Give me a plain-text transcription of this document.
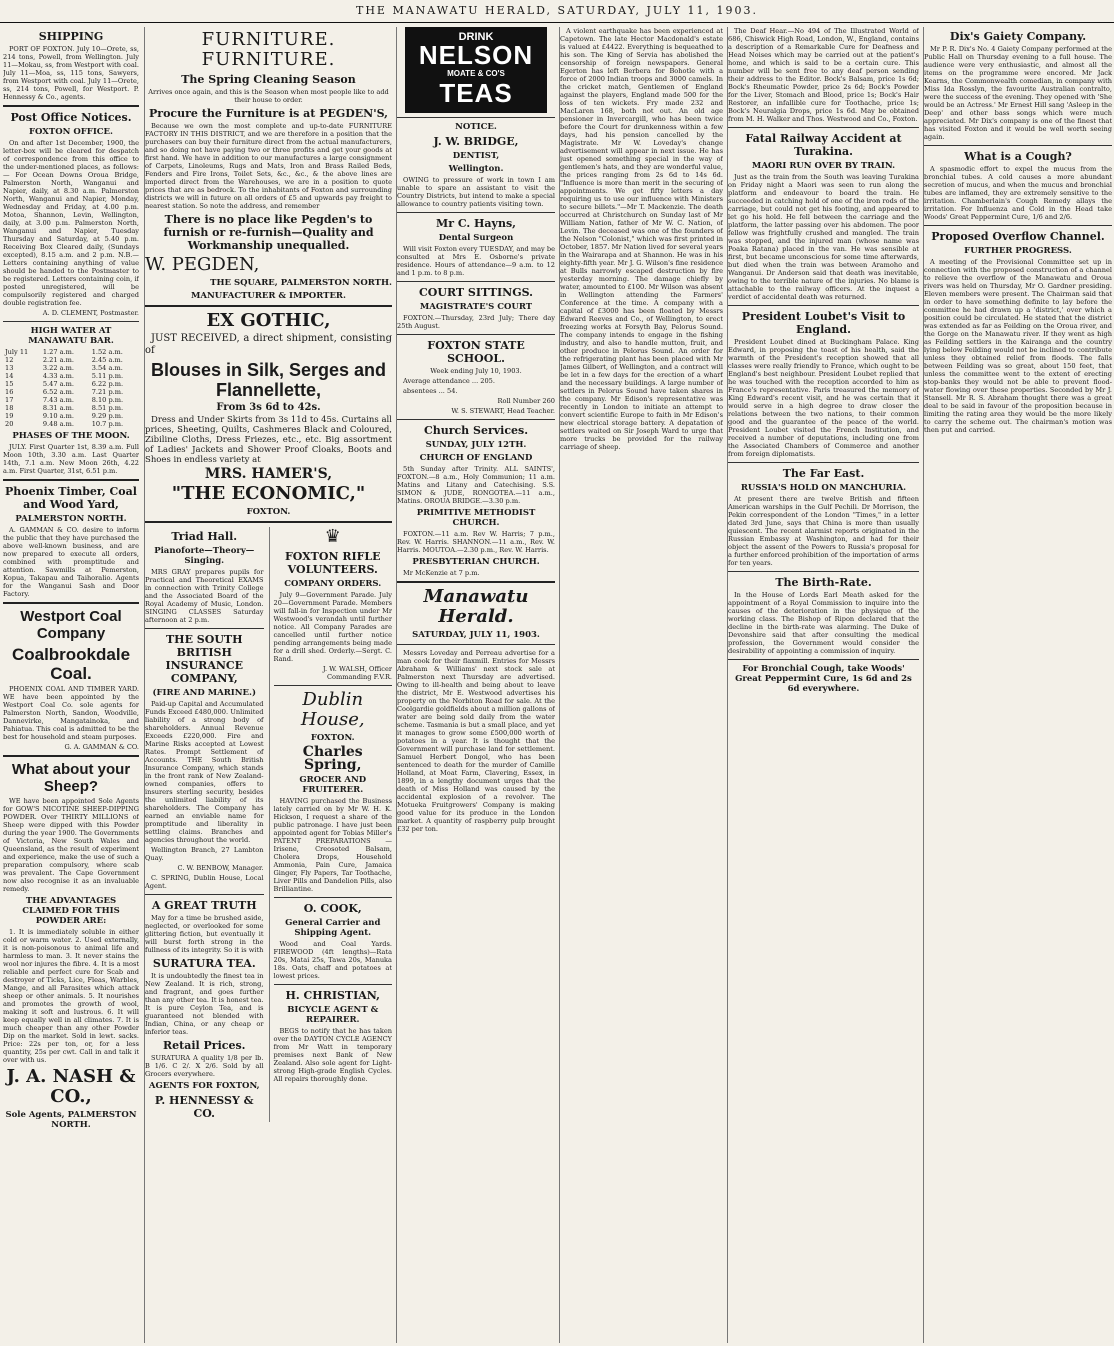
THE MANAWATU HERALD, SATURDAY, JULY 11, 1903.
SHIPPING

PORT OF FOXTON. July 10—Orete, ss, 214 tons, Powell, from Wellington. July 11—Mokau, ss, from Westport with coal. July 11—Moa, ss, 115 tons, Sawyers, from Westport with coal. July 11—Orete, ss, 214 tons, Powell, for Westport. P. Hennessy & Co., agents.

Post Office Notices.
FOXTON OFFICE.

On and after 1st December, 1900, the letter-box will be cleared for despatch of correspondence from this office to the under-mentioned places, as follows:— For Ocean Downs Oroua Bridge, Palmerston North, Wanganui and Napier, daily, at 8.30 a.m. Palmerston North, Wanganui and Napier, Monday, Wednesday and Friday, at 4.00 p.m. Motoa, Shannon, Levin, Wellington, daily, at 3.00 p.m. Palmerston North, Wanganui and Napier, Tuesday Thursday and Saturday, at 5.40 p.m. Receiving Box Cleared daily, (Sundays excepted), 8.15 a.m. and 2 p.m. N.B.—Letters containing anything of value should be handed to the Postmaster to be registered. Letters containing coin, if posted unregistered, will be compulsorily registered and charged double registration fee.

A. D. CLEMENT, Postmaster.

HIGH WATER AT MANAWATU BAR.
July 11	1.27 a.m.	1.52 a.m.
12	2.21 a.m.	2.45 a.m.
13	3.22 a.m.	3.54 a.m.
14	4.33 a.m.	5.11 p.m.
15	5.47 a.m.	6.22 p.m.
16	6.52 a.m.	7.21 p.m.
17	7.43 a.m.	8.10 p.m.
18	8.31 a.m.	8.51 p.m.
19	9.10 a.m.	9.29 p.m.
20	9.48 a.m.	10.7 p.m.
PHASES OF THE MOON.

JULY. First Quarter 1st, 8.39 a.m. Full Moon 10th, 3.30 a.m. Last Quarter 14th, 7.1 a.m. New Moon 26th, 4.22 a.m. First Quarter, 31st, 6.51 p.m.

Phoenix Timber, Coal and Wood Yard,
PALMERSTON NORTH.

A. GAMMAN & CO. desire to inform the public that they have purchased the above well-known business, and are now prepared to execute all orders, combined with promptitude and attention. Sawmills at Pemerston, Kopua, Takapau and Taihoralio. Agents for the Wanganui Sash and Door Factory.

Westport Coal Company
Coalbrookdale Coal.

PHOENIX COAL AND TIMBER YARD. WE have been appointed by the Westport Coal Co. sole agents for Palmerston North, Sandon, Woodville, Dannevirke, Mangatainoka, and Pahiatua. This coal is admitted to be the best for household and steam purposes.

G. A. GAMMAN & CO.

What about your Sheep?

WE have been appointed Sole Agents for GOW'S NICOTINE SHEEP-DIPPING POWDER. Over THIRTY MILLIONS of Sheep were dipped with this Powder during the year 1900. The Governments of Victoria, New South Wales and Queensland, as the result of experiment and experience, make the use of such a preparation compulsory, where scab was prevalent. The Cape Government now also recognise it as an invaluable remedy.

THE ADVANTAGES CLAIMED FOR THIS POWDER ARE:

1. It is immediately soluble in either cold or warm water. 2. Used externally, it is non-poisonous to animal life and harmless to man. 3. It never stains the wool nor injures the fibre. 4. It is a most reliable and perfect cure for Scab and destroyer of Ticks, Lice, Fleas, Warbles, Mange, and all Parasites which attack sheep or other animals. 5. It nourishes and promotes the growth of wool, making it soft and lustrous. 6. It will keep equally well in all climates. 7. It is much cheaper than any other Powder Dip on the market. Sold in lewt. sacks. Price: 22s per ton, or, for a less quantity, 25s per cwt. Call in and talk it over with us.

J. A. NASH & CO.,
Sole Agents, PALMERSTON NORTH.
FURNITURE. FURNITURE.
The Spring Cleaning Season

Arrives once again, and this is the Season when most people like to add their house to order.

Procure the Furniture is at PEGDEN'S,

Because we own the most complete and up-to-date FURNITURE FACTORY IN THIS DISTRICT, and we are therefore in a position that the purchasers can buy their furniture direct from the actual manufacturers, and so doing not have paying two or three profits and get your goods at first hand. We have in addition to our manufactures a large consignment of Carpets, Linoleums, Rugs and Mats, Iron and Brass Railed Beds, Fenders and Fire Irons, Toilet Sets, &c., &c., & the above lines are imported direct from the Warehouses, we are in a position to quote prices that are as bedrock. To the inhabitants of Foxton and surrounding districts we will in future on all orders of £5 and upwards pay freight to nearest station. So note the address, and remember

There is no place like Pegden's to furnish or re-furnish—Quality and Workmanship unequalled.
W. PEGDEN,
THE SQUARE, PALMERSTON NORTH.
MANUFACTURER & IMPORTER.
EX GOTHIC,

JUST RECEIVED, a direct shipment, consisting of

Blouses in Silk, Serges and Flannellette,
From 3s 6d to 42s.

Dress and Under Skirts from 3s 11d to 45s. Curtains all prices, Sheeting, Quilts, Cashmeres Black and Coloured, Zibiline Cloths, Dress Friezes, etc., etc. Big assortment of Ladies' Jackets and Shower Proof Cloaks, Boots and Shoes in endless variety at

MRS. HAMER'S,
"THE ECONOMIC,"
FOXTON.
Triad Hall.
Pianoforte—Theory—Singing.

MRS GRAY prepares pupils for Practical and Theoretical EXAMS in connection with Trinity College and the Associated Board of the Royal Academy of Music, London. SINGING CLASSES Saturday afternoon at 2 p.m.

THE SOUTH BRITISH INSURANCE COMPANY,
(FIRE AND MARINE.)

Paid-up Capital and Accumulated Funds Exceed £480,000. Unlimited liability of a strong body of shareholders. Annual Revenue Exceeds £220,000. Fire and Marine Risks accepted at Lowest Rates. Prompt Settlement of Accounts. THE South British Insurance Company, which stands in the front rank of New Zealand-owned companies, offers to insurers sterling security, besides the unlimited liability of its shareholders. The Company has earned an enviable name for promptitude and liberality in settling claims. Branches and agencies throughout the world.

Wellington Branch, 27 Lambton Quay.

C. W. BENBOW, Manager.

C. SPRING, Dublin House, Local Agent.

A GREAT TRUTH

May for a time be brushed aside, neglected, or overlooked for some glittering fiction, but eventually it will burst forth strong in the fullness of its integrity. So it is with

SURATURA TEA.

It is undoubtedly the finest tea in New Zealand. It is rich, strong, and fragrant, and goes further than any other tea. It is honest tea. It is pure Ceylon Tea, and is guaranteed not blended with Indian, China, or any cheap or inferior teas.

Retail Prices.

SURATURA A quality 1/8 per lb. B 1/6. C 2/. X 2/6. Sold by all Grocers everywhere.

AGENTS FOR FOXTON,
P. HENNESSY & CO.
♛
FOXTON RIFLE VOLUNTEERS.
COMPANY ORDERS.

July 9—Government Parade. July 20—Government Parade. Members will fall-in for Inspection under Mr Westwood's verandah until further notice. All Company Parades are cancelled until further notice pending arrangements being made for a drill shed. Orderly.—Sergt. C. Rand.

J. W. WALSH, Officer Commanding F.V.R.

Dublin House,
FOXTON.
Charles Spring,
GROCER AND FRUITERER.

HAVING purchased the Business lately carried on by Mr W. H. K. Hickson, I request a share of the public patronage. I have just been appointed agent for Tobias Miller's PATENT PREPARATIONS — Irisene, Creosoted Balsam, Cholera Drops, Household Ammonia, Pain Cure, Jamaica Ginger, Fly Papers, Tar Toothache, Liver Pills and Dandelion Pills, also Brilliantine.

O. COOK,
General Carrier and Shipping Agent.

Wood and Coal Yards. FIREWOOD (4ft lengths)—Rata 20s, Matai 25s, Tawa 20s, Manuka 18s. Oats, chaff and potatoes at lowest prices.

H. CHRISTIAN,
BICYCLE AGENT & REPAIRER.

BEGS to notify that he has taken over the DAYTON CYCLE AGENCY from Mr Watt in temporary premises next Bank of New Zealand. Also sole agent for Light-strong High-grade English Cycles. All repairs thoroughly done.

DRINK
NELSON
MOATE & CO'S
TEAS
NOTICE.
J. W. BRIDGE,
DENTIST,
Wellington.

OWING to pressure of work in town I am unable to spare an assistant to visit the Country Districts, but intend to make a special allowance to country patients visiting town.

Mr C. Hayns,
Dental Surgeon

Will visit Foxton every TUESDAY, and may be consulted at Mrs E. Osborne's private residence. Hours of attendance—9 a.m. to 12 and 1 p.m. to 8 p.m.

COURT SITTINGS.
MAGISTRATE'S COURT

FOXTON.—Thursday, 23rd July; There day 25th August.

FOXTON STATE SCHOOL.

Week ending July 10, 1903.

Average attendance ... 205.

absentees ... 54.

Roll Number 260

W. S. STEWART, Head Teacher.

Church Services.
SUNDAY, JULY 12TH.
CHURCH OF ENGLAND

5th Sunday after Trinity. ALL SAINTS', FOXTON.—8 a.m., Holy Communion; 11 a.m. Matins and Litany and Catechising. S.S. SIMON & JUDE, RONGOTEA.—11 a.m., Matins. OROUA BRIDGE.—3.30 p.m.

PRIMITIVE METHODIST CHURCH.

FOXTON.—11 a.m. Rev W. Harris; 7 p.m., Rev. W. Harris. SHANNON.—11 a.m., Rev. W. Harris. MOUTOA.—2.30 p.m., Rev. W. Harris.

PRESBYTERIAN CHURCH.

Mr McKenzie at 7 p.m.

Manawatu Herald.
SATURDAY, JULY 11, 1903.

Messrs Loveday and Perreau advertise for a man cook for their flaxmill. Entries for Messrs Abraham & Williams' next stock sale at Palmerston next Thursday are advertised. Owing to ill-health and being about to leave the district, Mr E. Westwood advertises his property on the Norbiton Road for sale. At the Coolgardie goldfields about a million gallons of water are being sold daily from the water scheme. Tasmania is but a small place, and yet it manages to grow some £500,000 worth of potatoes in a year. It is thought that the Government will purchase land for settlement. Samuel Herbert Dongol, who has been sentenced to death for the murder of Camille Holland, at Moat Farm, Clavering, Essex, in 1899, in a lengthy document urges that the death of Miss Holland was caused by the accidental explosion of a revolver. The Motueka Fruitgrowers' Company is making good value for its produce in the London market. A quantity of raspberry pulp brought £32 per ton.

A violent earthquake has been experienced at Capetown. The late Hector Macdonald's estate is valued at £4422. Everything is bequeathed to his son. The King of Servia has abolished the censorship of foreign newspapers. General Egerton has left Berbera for Bohotle with a force of 2000 Indian troops and 3000 camels. In the cricket match, Gentlemen of England against the players, England made 500 for the loss of ten wickets. Fry made 232 and MacLaren 168, both not out. An old age pensioner in Invercargill, who has been twice before the Court for drunkenness within a few days, had his pension cancelled by the Magistrate. Mr W. Loveday's change advertisement will appear in next issue. He has just opened something special in the way of gentlemen's hats, and they are wonderful value, the prices ranging from 2s 6d to 14s 6d. "Influence is more than merit in the securing of appointments. We get fifty letters a day requiring us to use our influence with Ministers to secure billets."—Mr T. Mackenzie. The death occurred at Christchurch on Sunday last of Mr William Nation, father of Mr W. C. Nation, of Levin. The deceased was one of the founders of the Nelson "Colonist," which was first printed in October, 1857. Mr Nation lived for several years in the Wairarapa and at Shannon. He was in his eighty-fifth year. Mr J. G. Wilson's fine residence at Bulls narrowly escaped destruction by fire yesterday morning. The damage chiefly by water, amounted to £100. Mr Wilson was absent in Wellington attending the Farmers' Conference at the time. A company with a capital of £3000 has been floated by Messrs Edward Reeves and Co., of Wellington, to erect freezing works at Forsyth Bay, Pelorus Sound. The company intends to engage in the fishing industry, and also to handle mutton, fruit, and other produce in Pelorus Sound. An order for the refrigerating plant has been placed with Mr James Gilbert, of Wellington, and a contract will be let in a few days for the erection of a wharf and the necessary buildings. A large number of settlers in Pelorus Sound have taken shares in the company. Mr Edison's representative was recently in London to initiate an attempt to convert scientific Europe to faith in Mr Edison's new electrical storage battery. A depatation of settlers waited on Sir Joseph Ward to urge that more trucks be provided for the railway carriage of sheep.

The Deaf Hear.—No 494 of The Illustrated World of 686, Chiswick High Road, London, W., England, contains a description of a Remarkable Cure for Deafness and Head Noises which may be carried out at the patient's home, and which is said to be a certain cure. This number will be sent free to any deaf person sending their address to the Editor. Bock's Balsam, price 1s 6d; Bock's Rheumatic Powder, price 2s 6d; Bock's Powder for the Liver, Stomach and Blood, price 1s; Bock's Hair Restorer, an infallible cure for Toothache, price 1s; Bock's Neuralgia Drops, price 1s 6d. May be obtained from M. H. Walker and Thos. Westwood and Co., Foxton.

Fatal Railway Accident at Turakina.
MAORI RUN OVER BY TRAIN.

Just as the train from the South was leaving Turakina on Friday night a Maori was seen to run along the platform and endeavour to board the train. He succeeded in catching hold of one of the iron rods of the carriage, but could not get his footing, and appeared to let go his hold. He fell between the carriage and the platform, the latter passing over his abdomen. The poor fellow was frightfully crushed and mangled. The train was stopped, and the injured man (whose name was Poaka Ratana) placed in the van. He was sensible at first, but became unconscious for some time afterwards, but died when the train was between Aramoho and Wanganui. Dr Anderson said that death was inevitable, owing to the terrible nature of the injuries. No blame is attachable to the railway officers. At the inquest a verdict of accidental death was returned.

President Loubet's Visit to England.

President Loubet dined at Buckingham Palace. King Edward, in proposing the toast of his health, said the warmth of the President's reception showed that all classes were really friendly to France, which ought to be England's best neighbour. President Loubet replied that he was touched with the reception accorded to him as France's representative. Paris treasured the memory of King Edward's recent visit, and he was certain that it would serve in a high degree to draw closer the relations between the two nations, to their common good and the guarantee of the peace of the world. President Loubet visited the French Institution, and received a number of deputations, including one from the Associated Chambers of Commerce and another from foreign diplomatists.

The Far East.
RUSSIA'S HOLD ON MANCHURIA.

At present there are twelve British and fifteen American warships in the Gulf Pechili. Dr Morrison, the Pekin correspondent of the London "Times," in a letter dated 3rd June, says that China is more than usually quiescent. The recent alarmist reports originated in the Russian Embassy at Washington, and had for their object the assent of the Powers to Russia's proposal for a further enforced prohibition of the importation of arms for ten years.

The Birth-Rate.

In the House of Lords Earl Meath asked for the appointment of a Royal Commission to inquire into the causes of the deterioration in the physique of the working class. The Bishop of Ripon declared that the decline in the birth-rate was alarming. The Duke of Devonshire said that after consulting the medical profession, the Government would consider the desirability of appointing a commission of inquiry.

For Bronchial Cough, take Woods' Great Peppermint Cure, 1s 6d and 2s 6d everywhere.
Dix's Gaiety Company.

Mr P. R. Dix's No. 4 Gaiety Company performed at the Public Hall on Thursday evening to a full house. The audience were very enthusiastic, and almost all the items on the programme were encored. Mr Jack Kearns, the Commonwealth comedian, in company with Miss Ida Rosslyn, the favourite Australian contralto, were the success of the evening. They opened with 'She would be an Actress.' Mr Ernest Hill sang 'Asleep in the Deep' and other bass songs which were much appreciated. Mr Dix's company is one of the finest that has visited Foxton and it would be well worth seeing again.

What is a Cough?

A spasmodic effort to expel the mucus from the bronchial tubes. A cold causes a more abundant secretion of mucus, and when the mucus and bronchial tubes are inflamed, they are extremely sensitive to the irritation. Chamberlain's Cough Remedy allays the irritation. For Influenza and Cold in the Head take Woods' Great Peppermint Cure, 1/6 and 2/6.

Proposed Overflow Channel.
FURTHER PROGRESS.

A meeting of the Provisional Committee set up in connection with the proposed construction of a channel to relieve the overflow of the Manawatu and Oroua rivers was held on Thursday, Mr O. Gardner presiding. Eleven members were present. The Chairman said that in order to have something definite to lay before the committee he had drawn up a 'district,' over which a position could be circulated. He stated that the district was extended as far as Feilding on the Oroua river, and the Gorge on the Manawatu river. If they went as high as Feilding settlers in the Kairanga and the country lying below Feilding would not be inclined to contribute unless they obtained relief from floods. The falls between Feilding was so great, about 150 feet, that unless the committee went to the extent of erecting stop-banks they would not be able to prevent flood-water flowing over these properties. Seconded by Mr J. Stansell. Mr R. S. Abraham thought there was a great deal to be said in favour of the proposition because in limiting the rating area they would be the more likely to carry the scheme out. The chairman's motion was then put and carried.
